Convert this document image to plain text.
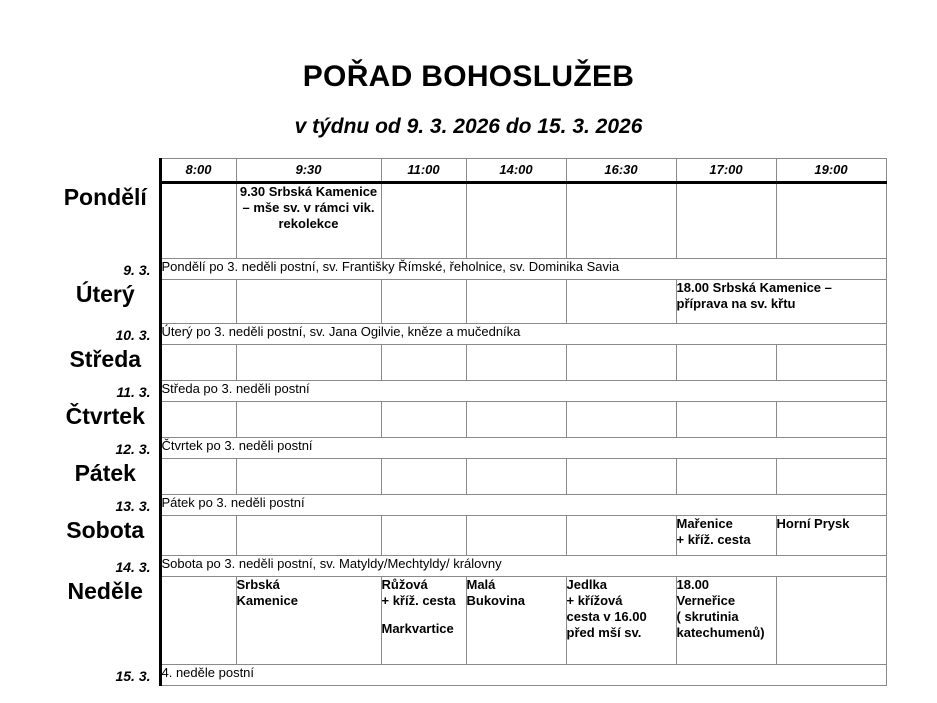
POŘAD BOHOSLUŽEB
v týdnu od 9. 3. 2026 do 15. 3. 2026
	8:00	9:30	11:00	14:00	16:30	17:00	19:00

Pondělí
9. 3.		9.30 Srbská Kamenice – mše sv. v rámci vik. rekolekce					
	Pondělí po 3. neděli postní, sv. Františky Římské, řeholnice, sv. Dominika Savia						

Úterý
10. 3.						18.00 Srbská Kamenice – příprava na sv. křtu	
	Úterý po 3. neděli postní, sv. Jana Ogilvie, kněze a mučedníka						

Středa
11. 3.							

	Středa po 3. neděli postní						

Čtvrtek
12. 3.							

	Čtvrtek po 3. neděli postní						

Pátek
13. 3.							

	Pátek po 3. neděli postní						

Sobota
14. 3.						Mařenice
+ kříž. cesta	Horní Prysk
	Sobota po 3. neděli postní, sv. Matyldy/Mechtyldy/ královny						

Neděle
15. 3.		Srbská
Kamenice	Růžová
+ kříž. cesta
Markvartice	Malá
Bukovina	Jedlka
+ křížová
cesta v 16.00
před mší sv.	18.00
Verneřice
( skrutinia
katechumenů)	
	4. neděle postní						
